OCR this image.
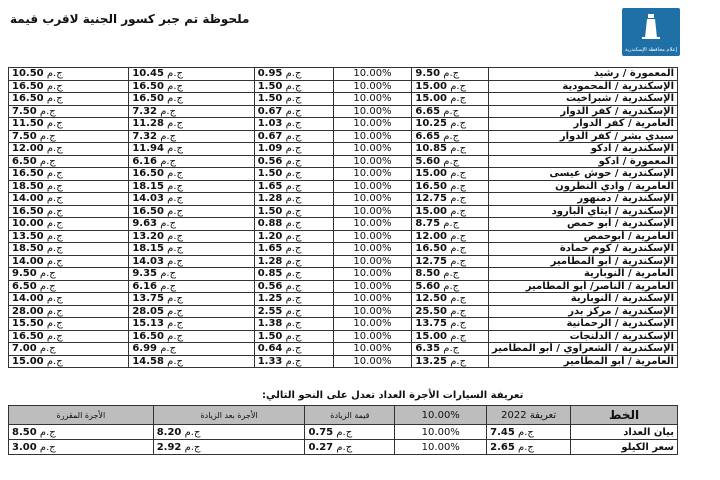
ملحوظة تم جبر كسور الجنية لاقرب قيمة
إعلام محافظة الإسكندرية
ج.م 10.50	ج.م 10.45	ج.م 0.95	10.00%	ج.م 9.50	المعمورة / رشيد
ج.م 16.50	ج.م 16.50	ج.م 1.50	10.00%	ج.م 15.00	الإسكندرية / المحمودية
ج.م 16.50	ج.م 16.50	ج.م 1.50	10.00%	ج.م 15.00	الإسكندرية / شبراخيت
ج.م 7.50	ج.م 7.32	ج.م 0.67	10.00%	ج.م 6.65	الإسكندرية / كفر الدوار
ج.م 11.50	ج.م 11.28	ج.م 1.03	10.00%	ج.م 10.25	العامرية / كفر الدوار
ج.م 7.50	ج.م 7.32	ج.م 0.67	10.00%	ج.م 6.65	سيدي بشر / كفر الدوار
ج.م 12.00	ج.م 11.94	ج.م 1.09	10.00%	ج.م 10.85	الإسكندرية / ادكو
ج.م 6.50	ج.م 6.16	ج.م 0.56	10.00%	ج.م 5.60	المعمورة / ادكو
ج.م 16.50	ج.م 16.50	ج.م 1.50	10.00%	ج.م 15.00	الإسكندرية / حوش عيسى
ج.م 18.50	ج.م 18.15	ج.م 1.65	10.00%	ج.م 16.50	العامرية / وادي النطرون
ج.م 14.00	ج.م 14.03	ج.م 1.28	10.00%	ج.م 12.75	الإسكندرية / دمنهور
ج.م 16.50	ج.م 16.50	ج.م 1.50	10.00%	ج.م 15.00	الإسكندرية / ايتاي البارود
ج.م 10.00	ج.م 9.63	ج.م 0.88	10.00%	ج.م 8.75	الإسكندرية / أبو حمص
ج.م 13.50	ج.م 13.20	ج.م 1.20	10.00%	ج.م 12.00	العامرية / أبوحمص
ج.م 18.50	ج.م 18.15	ج.م 1.65	10.00%	ج.م 16.50	الإسكندرية / كوم حمادة
ج.م 14.00	ج.م 14.03	ج.م 1.28	10.00%	ج.م 12.75	الإسكندرية / أبو المطامير
ج.م 9.50	ج.م 9.35	ج.م 0.85	10.00%	ج.م 8.50	العامرية / النوبارية
ج.م 6.50	ج.م 6.16	ج.م 0.56	10.00%	ج.م 5.60	العامرية / الناصر/ أبو المطامير
ج.م 14.00	ج.م 13.75	ج.م 1.25	10.00%	ج.م 12.50	الإسكندرية / النوبارية
ج.م 28.00	ج.م 28.05	ج.م 2.55	10.00%	ج.م 25.50	الإسكندرية / مركز بدر
ج.م 15.50	ج.م 15.13	ج.م 1.38	10.00%	ج.م 13.75	الإسكندرية / الرحمانية
ج.م 16.50	ج.م 16.50	ج.م 1.50	10.00%	ج.م 15.00	الإسكندرية / الدلنجات
ج.م 7.00	ج.م 6.99	ج.م 0.64	10.00%	ج.م 6.35	الإسكندرية / الشعراوي / أبو المطامير
ج.م 15.00	ج.م 14.58	ج.م 1.33	10.00%	ج.م 13.25	العامرية / أبو المطامير
تعريفة السيارات الأجرة العداد تعدل على النحو التالي:
الأجرة المقررة	الأجرة بعد الزيادة	قيمة الزيادة	10.00%	تعريفة 2022	الخط
ج.م 8.50	ج.م 8.20	ج.م 0.75	10.00%	ج.م 7.45	بيان العداد
ج.م 3.00	ج.م 2.92	ج.م 0.27	10.00%	ج.م 2.65	سعر الكيلو
